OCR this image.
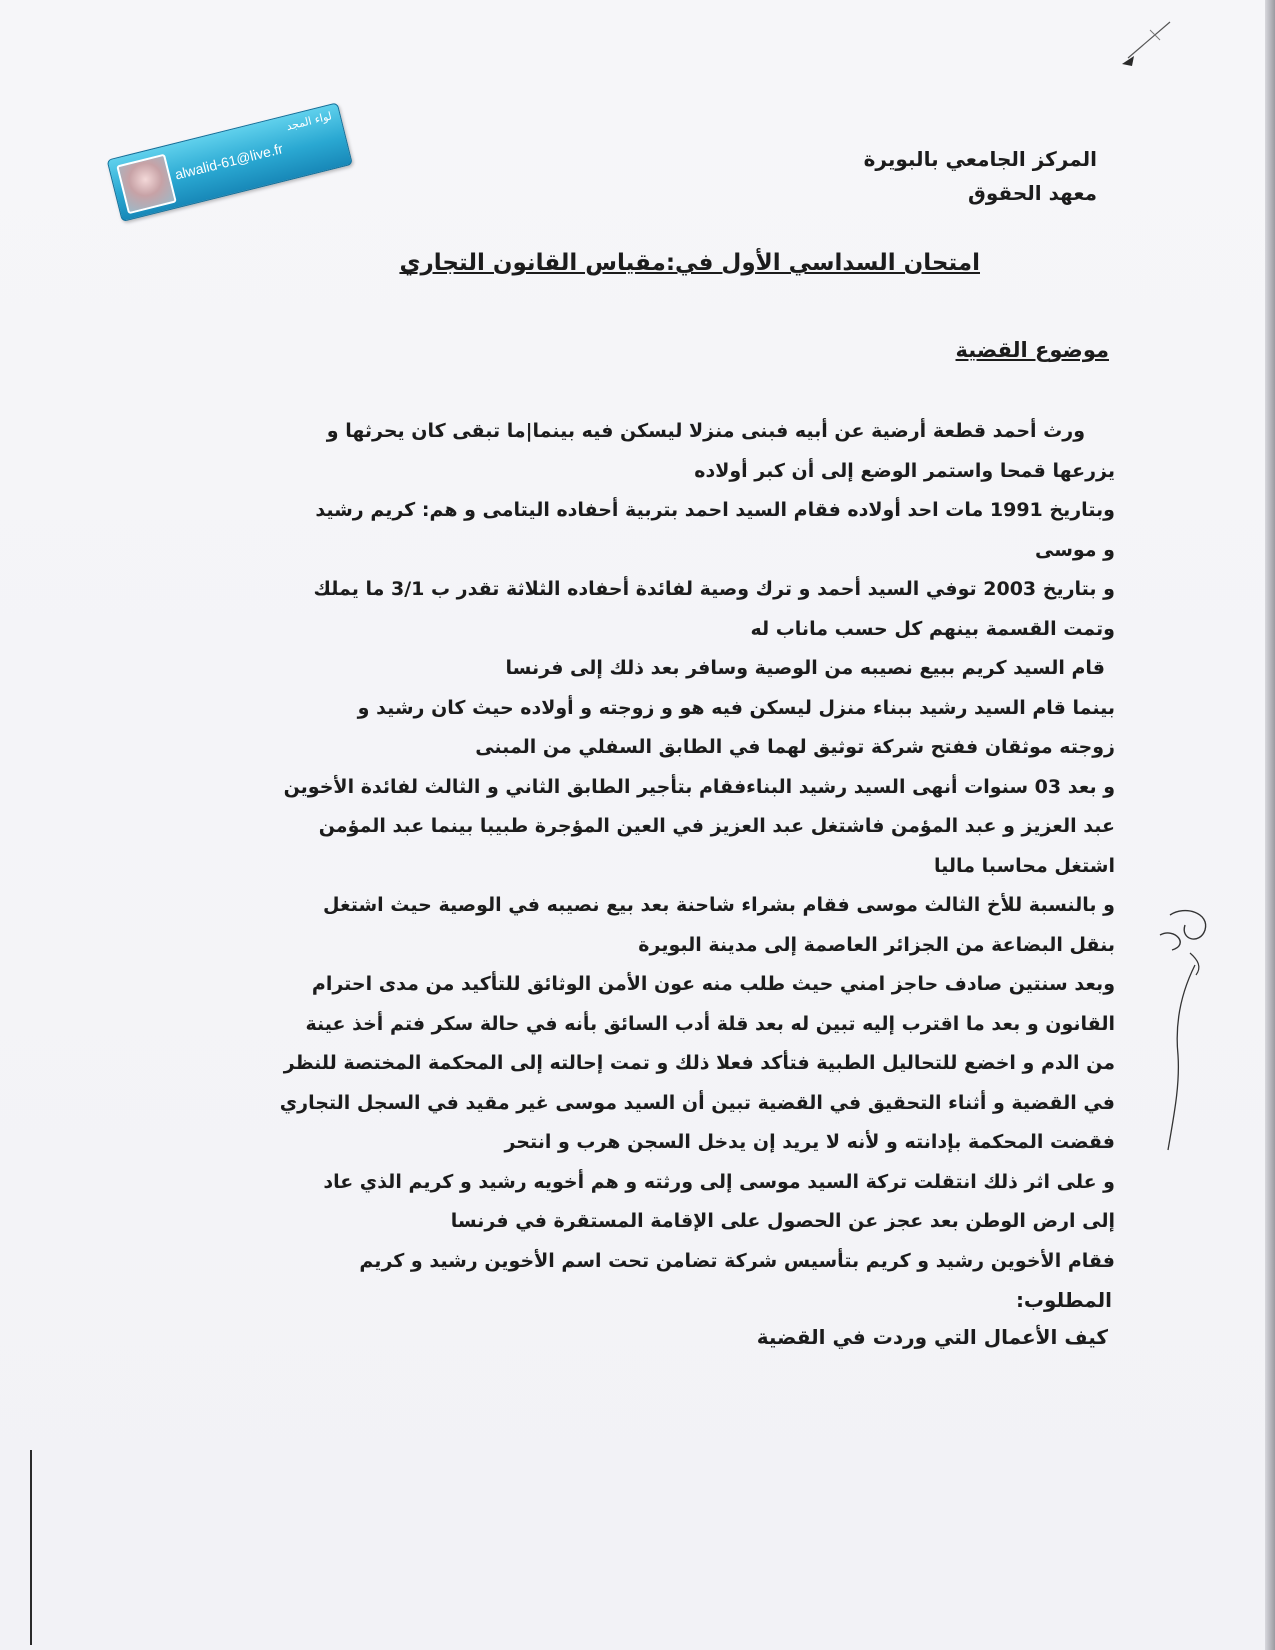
alwalid-61@live.fr
لواء المجد
المركز الجامعي بالبويرة
معهد الحقوق
امتحان السداسي الأول في:مقياس القانون التجاري
موضوع القضية
ورث أحمد قطعة أرضية عن أبيه فبنى منزلا ليسكن فيه بينما|ما تبقى كان يحرثها و
يزرعها قمحا واستمر الوضع إلى أن كبر أولاده
وبتاريخ 1991 مات احد أولاده فقام السيد احمد بتربية أحفاده اليتامى و هم: كريم رشيد
و موسى
و بتاريخ 2003 توفي السيد أحمد و ترك وصية لفائدة أحفاده الثلاثة تقدر ب 3/1 ما يملك
وتمت القسمة بينهم كل حسب ماناب له
قام السيد كريم ببيع نصيبه من الوصية وسافر بعد ذلك إلى فرنسا
بينما قام السيد رشيد ببناء منزل ليسكن فيه هو و زوجته و أولاده حيث كان رشيد و
زوجته موثقان ففتح شركة توثيق لهما في الطابق السفلي من المبنى
و بعد 03 سنوات أنهى السيد رشيد البناءفقام بتأجير الطابق الثاني و الثالث لفائدة الأخوين
عبد العزيز و عبد المؤمن فاشتغل عبد العزيز في العين المؤجرة طبيبا بينما عبد المؤمن
اشتغل محاسبا ماليا
و بالنسبة للأخ الثالث موسى فقام بشراء شاحنة بعد بيع نصيبه في الوصية حيث اشتغل
بنقل البضاعة من الجزائر العاصمة إلى مدينة البويرة
وبعد سنتين صادف حاجز امني حيث طلب منه عون الأمن الوثائق للتأكيد من مدى احترام
القانون و بعد ما اقترب إليه تبين له بعد قلة أدب السائق بأنه في حالة سكر فتم أخذ عينة
من الدم و اخضع للتحاليل الطبية فتأكد فعلا ذلك و تمت إحالته إلى المحكمة المختصة للنظر
في القضية و أثناء التحقيق في القضية تبين أن السيد موسى غير مقيد في السجل التجاري
فقضت المحكمة بإدانته و لأنه لا يريد إن يدخل السجن هرب و انتحر
و على اثر ذلك انتقلت تركة السيد موسى إلى ورثته و هم أخويه رشيد و كريم الذي عاد
إلى ارض الوطن بعد عجز عن الحصول على الإقامة المستقرة في فرنسا
فقام الأخوين رشيد و كريم بتأسيس شركة تضامن تحت اسم الأخوين رشيد و كريم
المطلوب:
كيف الأعمال التي وردت في القضية
